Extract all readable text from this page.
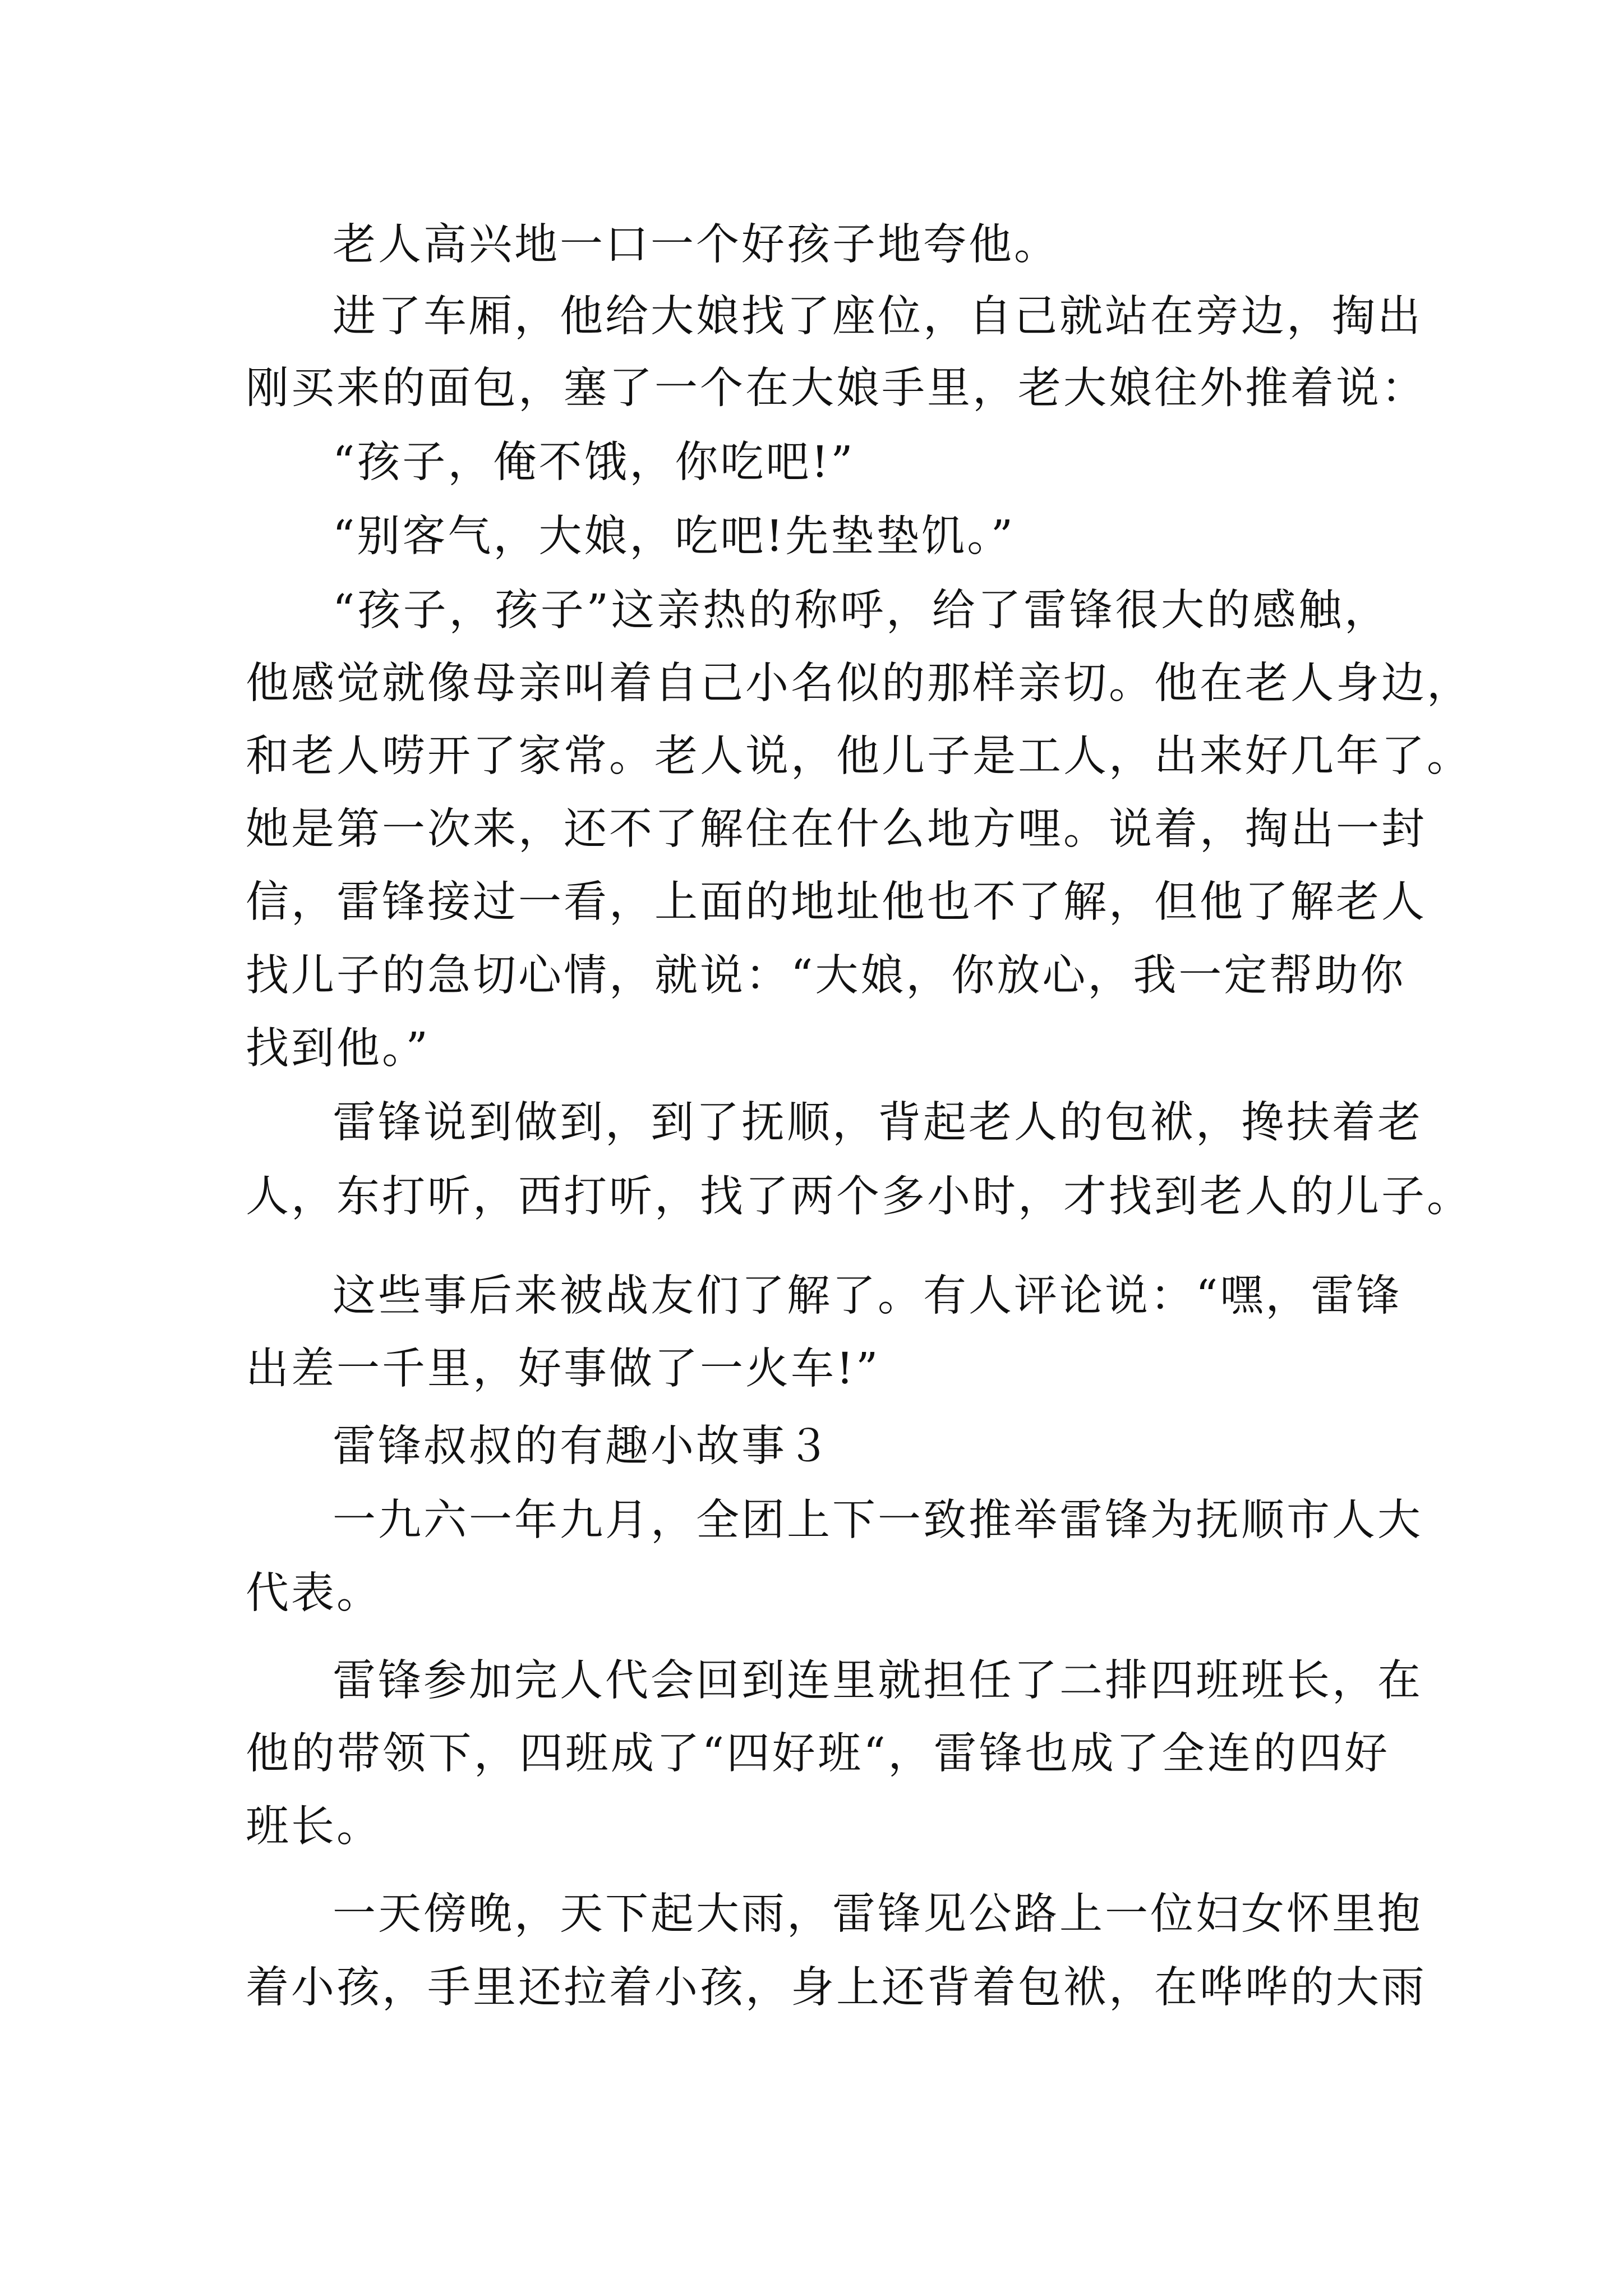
老人高兴地一口一个好孩子地夸他。
进了车厢，他给大娘找了座位，自己就站在旁边，掏出
刚买来的面包，塞了一个在大娘手里，老大娘往外推着说：
“孩子，俺不饿，你吃吧!”
“别客气，大娘，吃吧!先垫垫饥。”
“孩子，孩子”这亲热的称呼，给了雷锋很大的感触，
他感觉就像母亲叫着自己小名似的那样亲切。他在老人身边，
和老人唠开了家常。老人说，他儿子是工人，出来好几年了。
她是第一次来，还不了解住在什么地方哩。说着，掏出一封
信，雷锋接过一看，上面的地址他也不了解，但他了解老人
找儿子的急切心情，就说：“大娘，你放心，我一定帮助你
找到他。”
雷锋说到做到，到了抚顺，背起老人的包袱，搀扶着老
人，东打听，西打听，找了两个多小时，才找到老人的儿子。
这些事后来被战友们了解了。有人评论说：“嘿，雷锋
出差一千里，好事做了一火车!”
雷锋叔叔的有趣小故事３
一九六一年九月，全团上下一致推举雷锋为抚顺市人大
代表。
雷锋参加完人代会回到连里就担任了二排四班班长，在
他的带领下，四班成了“四好班“，雷锋也成了全连的四好
班长。
一天傍晚，天下起大雨，雷锋见公路上一位妇女怀里抱
着小孩，手里还拉着小孩，身上还背着包袱，在哗哗的大雨
